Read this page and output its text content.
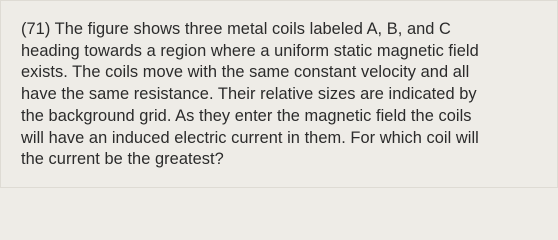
(71) The figure shows three metal coils labeled A, B, and C
heading towards a region where a uniform static magnetic field
exists. The coils move with the same constant velocity and all
have the same resistance. Their relative sizes are indicated by
the background grid. As they enter the magnetic field the coils
will have an induced electric current in them. For which coil will
the current be the greatest?
